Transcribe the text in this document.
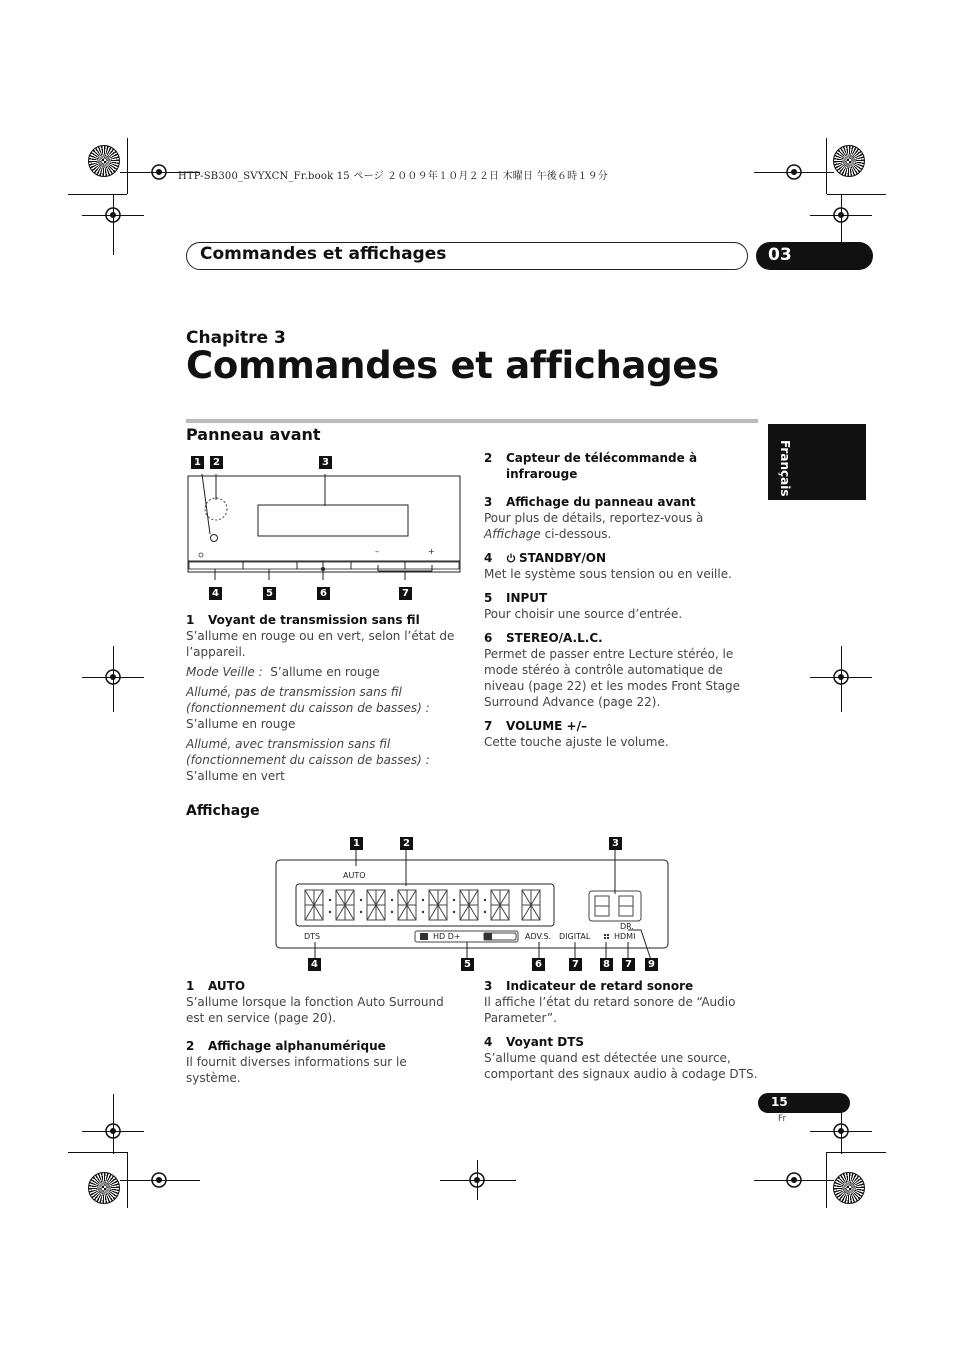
HTP-SB300_SVYXCN_Fr.book 15 ページ ２００９年１０月２２日 木曜日 午後６時１９分
Commandes et affichages	03
Chapitre 3
Commandes et affichages
Français
Panneau avant
–	+
1	2	3
4	5	6	7
1	Voyant de transmission sans fil

S’allume en rouge ou en vert, selon l’état de l’appareil.

Mode Veille : S’allume en rouge

Allumé, pas de transmission sans fil (fonctionnement du caisson de basses) :

S’allume en rouge

Allumé, avec transmission sans fil (fonctionnement du caisson de basses) :

S’allume en vert

2	Capteur de télécommande à infrarouge
3	Affichage du panneau avant

Pour plus de détails, reportez-vous à Affichage ci-dessous.

4	STANDBY/ON

Met le système sous tension ou en veille.

5	INPUT

Pour choisir une source d’entrée.

6	STEREO/A.L.C.

Permet de passer entre Lecture stéréo, le mode stéréo à contrôle automatique de niveau (page 22) et les modes Front Stage Surround Advance (page 22).

7	VOLUME +/–

Cette touche ajuste le volume.

Affichage
AUTO
DTS	HD D+	PL II ADV.S. DIGITAL
DR.
HDMI
1	2	3
4	5	6	7	8	7	9
1	AUTO

S’allume lorsque la fonction Auto Surround est en service (page 20).

2	Affichage alphanumérique

Il fournit diverses informations sur le système.

3	Indicateur de retard sonore

Il affiche l’état du retard sonore de “Audio Parameter”.

4	Voyant DTS

S’allume quand est détectée une source, comportant des signaux audio à codage DTS.

15
Fr
